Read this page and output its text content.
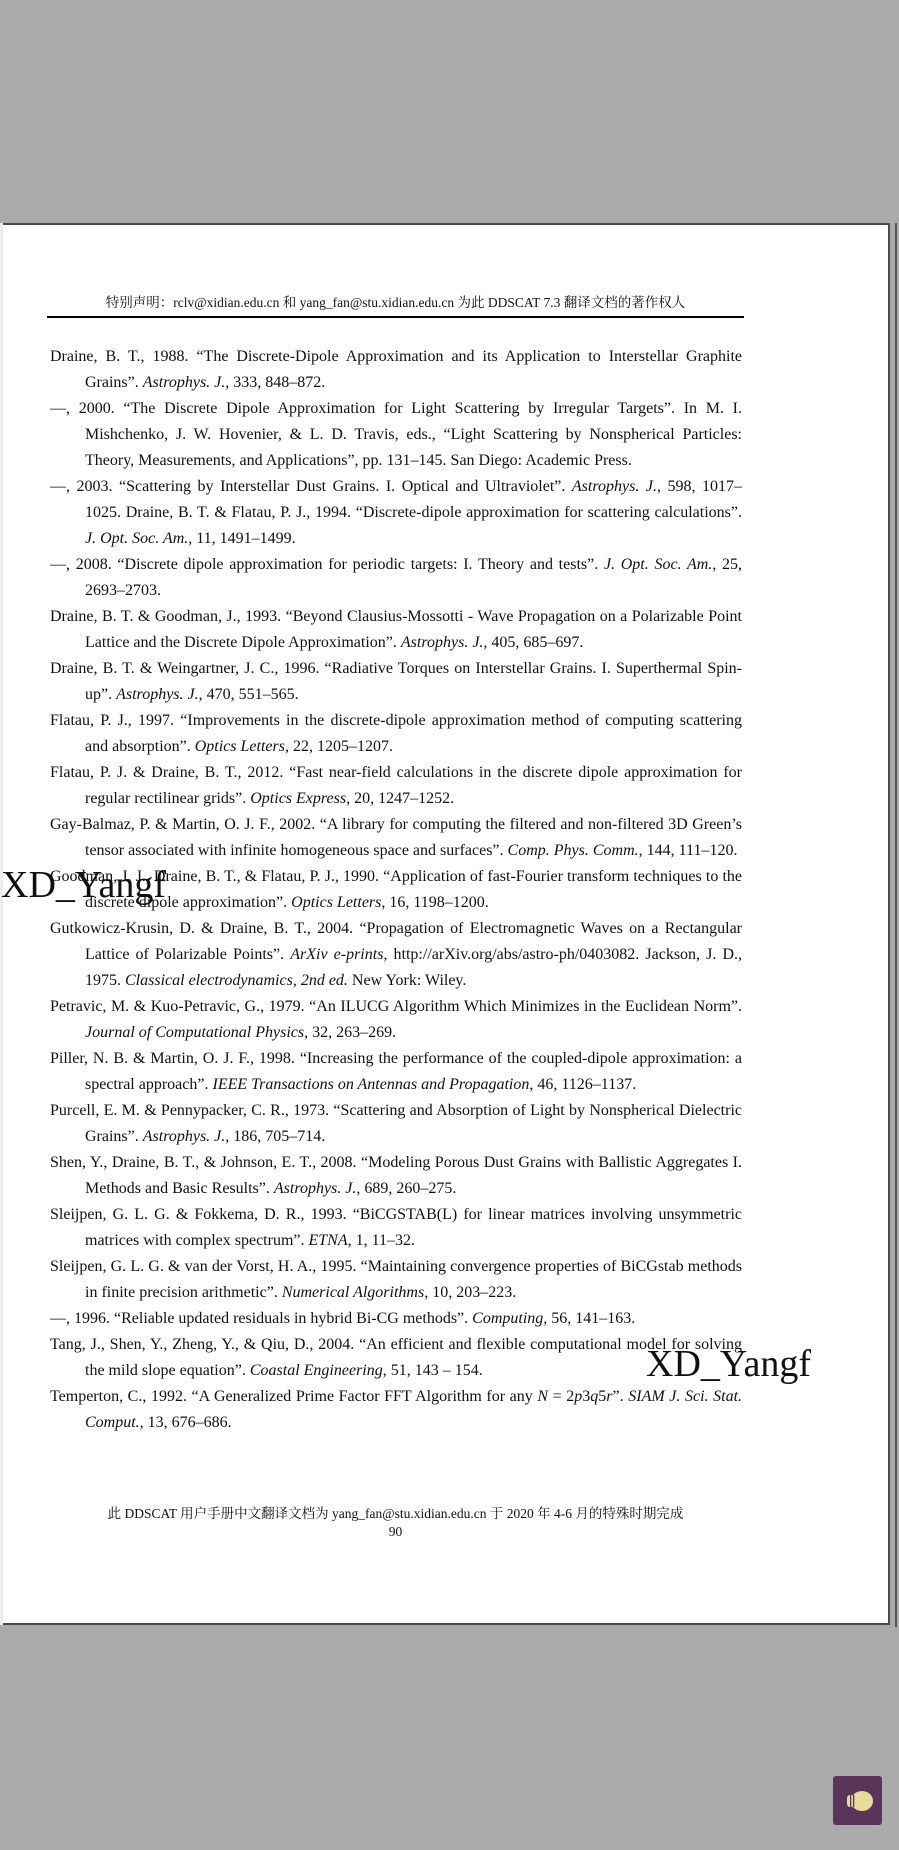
特别声明：rclv@xidian.edu.cn 和 yang_fan@stu.xidian.edu.cn 为此 DDSCAT 7.3 翻译文档的著作权人

Draine, B. T., 1988. “The Discrete-Dipole Approximation and its Application to Interstellar Graphite Grains”. Astrophys. J., 333, 848–872.

—, 2000. “The Discrete Dipole Approximation for Light Scattering by Irregular Targets”. In M. I. Mishchenko, J. W. Hovenier, & L. D. Travis, eds., “Light Scattering by Nonspherical Particles: Theory, Measurements, and Applications”, pp. 131–145. San Diego: Academic Press.

—, 2003. “Scattering by Interstellar Dust Grains. I. Optical and Ultraviolet”. Astrophys. J., 598, 1017– 1025. Draine, B. T. & Flatau, P. J., 1994. “Discrete-dipole approximation for scattering calculations”. J. Opt. Soc. Am., 11, 1491–1499.

—, 2008. “Discrete dipole approximation for periodic targets: I. Theory and tests”. J. Opt. Soc. Am., 25, 2693–2703.

Draine, B. T. & Goodman, J., 1993. “Beyond Clausius-Mossotti - Wave Propagation on a Polarizable Point Lattice and the Discrete Dipole Approximation”. Astrophys. J., 405, 685–697.

Draine, B. T. & Weingartner, J. C., 1996. “Radiative Torques on Interstellar Grains. I. Superthermal Spin-up”. Astrophys. J., 470, 551–565.

Flatau, P. J., 1997. “Improvements in the discrete-dipole approximation method of computing scattering and absorption”. Optics Letters, 22, 1205–1207.

Flatau, P. J. & Draine, B. T., 2012. “Fast near-field calculations in the discrete dipole approximation for regular rectilinear grids”. Optics Express, 20, 1247–1252.

Gay-Balmaz, P. & Martin, O. J. F., 2002. “A library for computing the filtered and non-filtered 3D Green’s tensor associated with infinite homogeneous space and surfaces”. Comp. Phys. Comm., 144, 111–120.

Goodman, J. J., Draine, B. T., & Flatau, P. J., 1990. “Application of fast-Fourier transform techniques to the discrete dipole approximation”. Optics Letters, 16, 1198–1200.

Gutkowicz-Krusin, D. & Draine, B. T., 2004. “Propagation of Electromagnetic Waves on a Rectangular Lattice of Polarizable Points”. ArXiv e-prints, http://arXiv.org/abs/astro-ph/0403082. Jackson, J. D., 1975. Classical electrodynamics, 2nd ed. New York: Wiley.

Petravic, M. & Kuo-Petravic, G., 1979. “An ILUCG Algorithm Which Minimizes in the Euclidean Norm”. Journal of Computational Physics, 32, 263–269.

Piller, N. B. & Martin, O. J. F., 1998. “Increasing the performance of the coupled-dipole approximation: a spectral approach”. IEEE Transactions on Antennas and Propagation, 46, 1126–1137.

Purcell, E. M. & Pennypacker, C. R., 1973. “Scattering and Absorption of Light by Nonspherical Dielectric Grains”. Astrophys. J., 186, 705–714.

Shen, Y., Draine, B. T., & Johnson, E. T., 2008. “Modeling Porous Dust Grains with Ballistic Aggregates I. Methods and Basic Results”. Astrophys. J., 689, 260–275.

Sleijpen, G. L. G. & Fokkema, D. R., 1993. “BiCGSTAB(L) for linear matrices involving unsymmetric matrices with complex spectrum”. ETNA, 1, 11–32.

Sleijpen, G. L. G. & van der Vorst, H. A., 1995. “Maintaining convergence properties of BiCGstab methods in finite precision arithmetic”. Numerical Algorithms, 10, 203–223.

—, 1996. “Reliable updated residuals in hybrid Bi-CG methods”. Computing, 56, 141–163.

Tang, J., Shen, Y., Zheng, Y., & Qiu, D., 2004. “An efficient and flexible computational model for solving the mild slope equation”. Coastal Engineering, 51, 143 – 154.

Temperton, C., 1992. “A Generalized Prime Factor FFT Algorithm for any N = 2p3q5r”. SIAM J. Sci. Stat. Comput., 13, 676–686.

此 DDSCAT 用户手册中文翻译文档为 yang_fan@stu.xidian.edu.cn 于 2020 年 4-6 月的特殊时期完成
90
XD_Yangf
XD_Yangf
